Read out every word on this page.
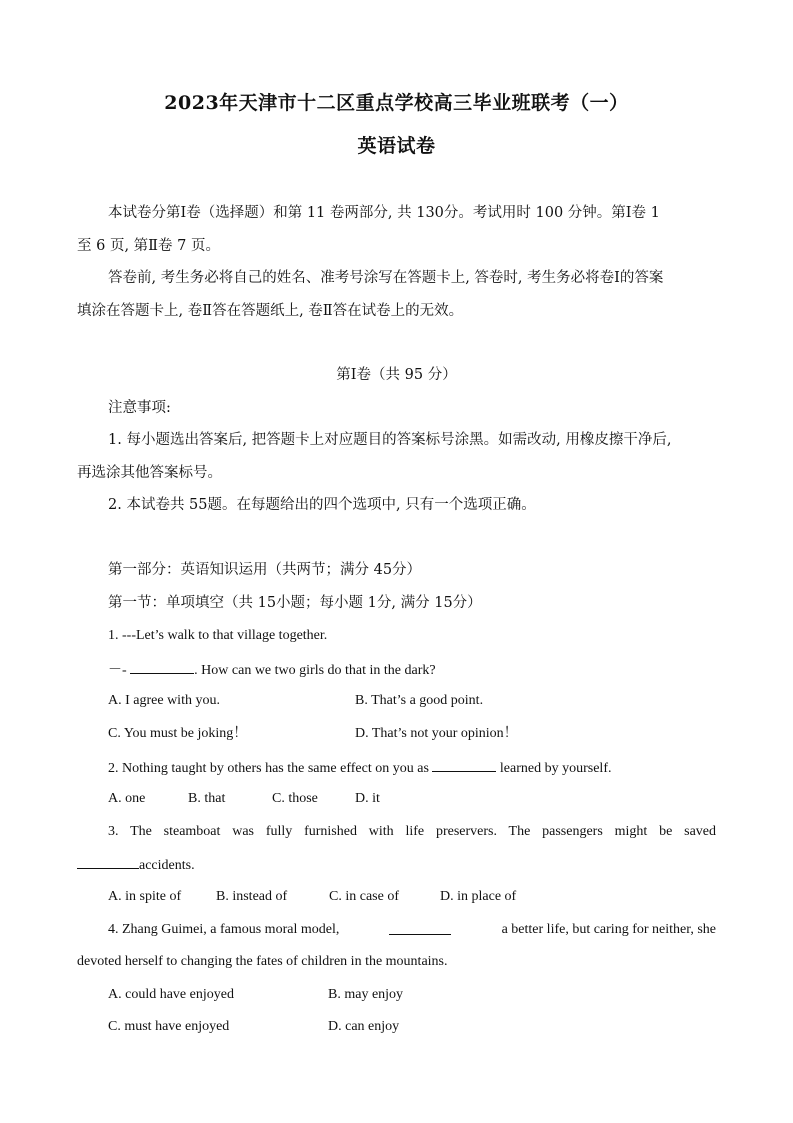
2023年天津市十二区重点学校高三毕业班联考（一）
英语试卷
本试卷分第Ⅰ卷（选择题）和第 11 卷两部分, 共 130分。考试用时 100 分钟。第Ⅰ卷 1
至 6 页, 第Ⅱ卷 7 页。
答卷前, 考生务必将自己的姓名、准考号涂写在答题卡上, 答卷时, 考生务必将卷Ⅰ的答案
填涂在答题卡上, 卷Ⅱ答在答题纸上, 卷Ⅱ答在试卷上的无效。
第Ⅰ卷（共 95 分）
注意事项:
1. 每小题选出答案后, 把答题卡上对应题目的答案标号涂黑。如需改动, 用橡皮擦干净后,
再选涂其他答案标号。
2. 本试卷共 55题。在每题给出的四个选项中, 只有一个选项正确。
第一部分：英语知识运用（共两节；满分 45分）
第一节：单项填空（共 15小题；每小题 1分, 满分 15分）
1. ---Let’s walk to that village together.
－-	. How can we two girls do that in the dark?
A. I agree with you.	B. That’s a good point.
C. You must be joking！	D. That’s not your opinion！
2. Nothing taught by others has the same effect on you as	learned by yourself.
A. one	B. that	C. those	D. it
3. The steamboat was fully furnished with life preservers. The passengers might be saved
accidents.
A. in spite of B. instead of	C. in case of	D. in place of
4. Zhang Guimei, a famous moral model,	a better life, but caring for neither, she
devoted herself to changing the fates of children in the mountains.
A. could have enjoyed	B. may enjoy
C. must have enjoyed	D. can enjoy
